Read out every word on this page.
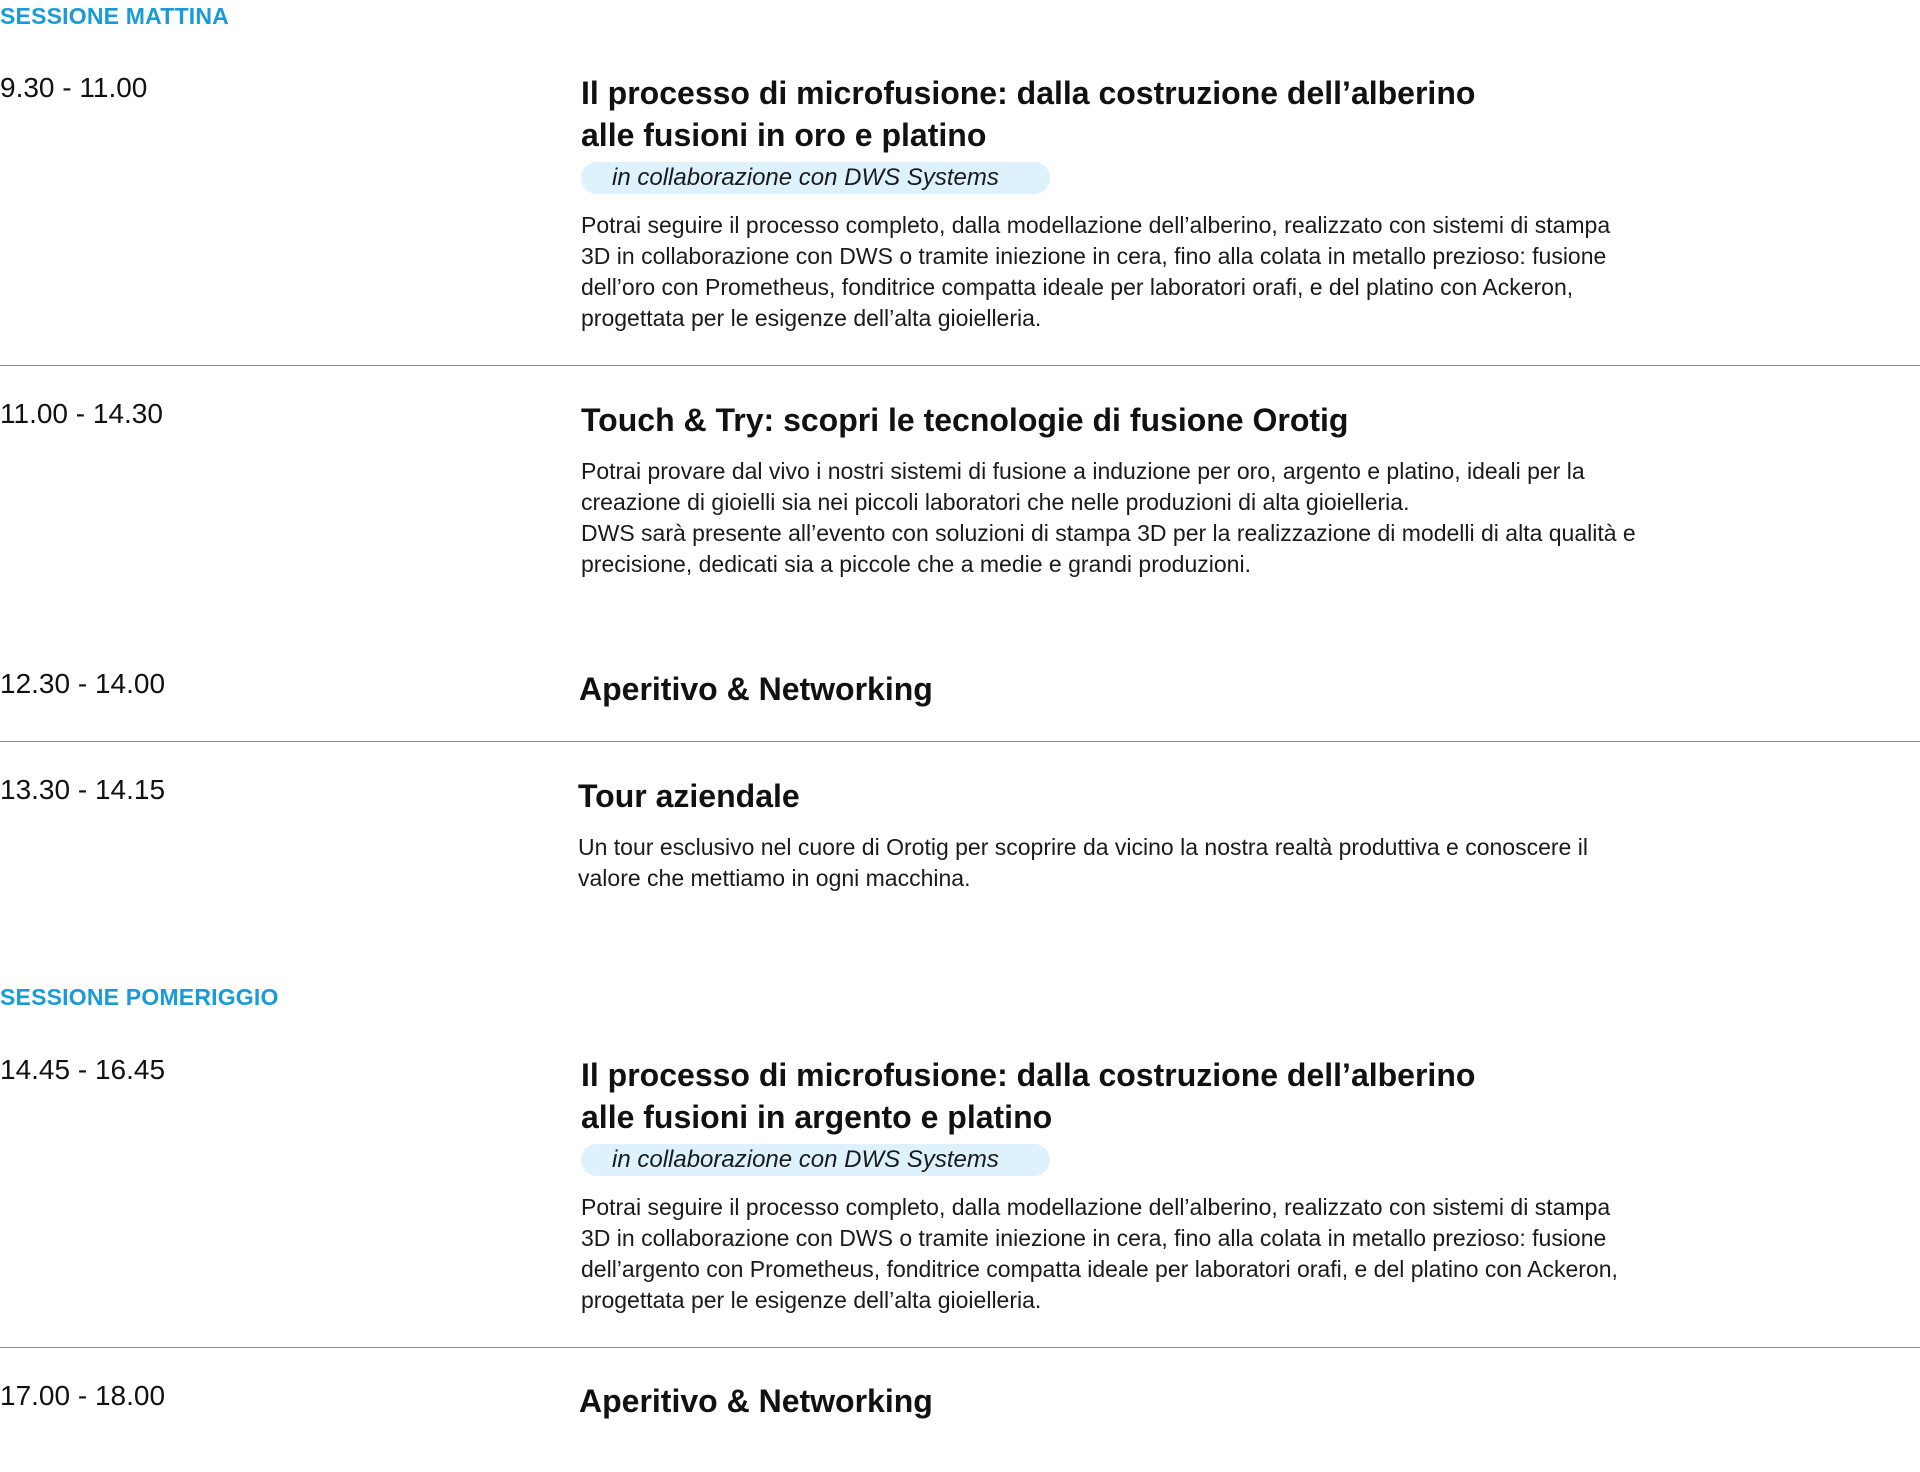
SESSIONE MATTINA
9.30 - 11.00	Il processo di microfusione: dalla costruzione dell’alberino
alle fusioni in oro e platino
in collaborazione con DWS Systems

Potrai seguire il processo completo, dalla modellazione dell’alberino, realizzato con sistemi di stampa
3D in collaborazione con DWS o tramite iniezione in cera, fino alla colata in metallo prezioso: fusione
dell’oro con Prometheus, fonditrice compatta ideale per laboratori orafi, e del platino con Ackeron,
progettata per le esigenze dell’alta gioielleria.

11.00 - 14.30	Touch & Try: scopri le tecnologie di fusione Orotig

Potrai provare dal vivo i nostri sistemi di fusione a induzione per oro, argento e platino, ideali per la
creazione di gioielli sia nei piccoli laboratori che nelle produzioni di alta gioielleria.
DWS sarà presente all’evento con soluzioni di stampa 3D per la realizzazione di modelli di alta qualità e
precisione, dedicati sia a piccole che a medie e grandi produzioni.

12.30 - 14.00	Aperitivo & Networking
13.30 - 14.15	Tour aziendale

Un tour esclusivo nel cuore di Orotig per scoprire da vicino la nostra realtà produttiva e conoscere il
valore che mettiamo in ogni macchina.

SESSIONE POMERIGGIO
14.45 - 16.45	Il processo di microfusione: dalla costruzione dell’alberino
alle fusioni in argento e platino
in collaborazione con DWS Systems

Potrai seguire il processo completo, dalla modellazione dell’alberino, realizzato con sistemi di stampa
3D in collaborazione con DWS o tramite iniezione in cera, fino alla colata in metallo prezioso: fusione
dell’argento con Prometheus, fonditrice compatta ideale per laboratori orafi, e del platino con Ackeron,
progettata per le esigenze dell’alta gioielleria.

17.00 - 18.00	Aperitivo & Networking
